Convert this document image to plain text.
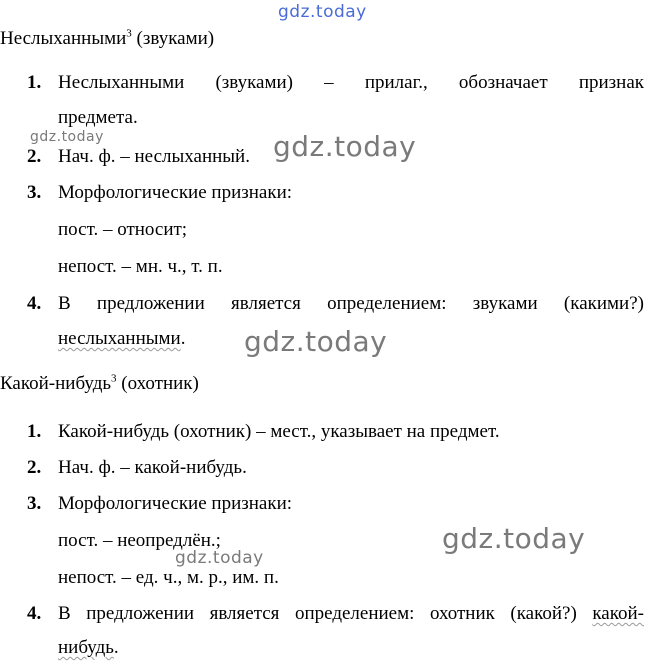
gdz.today
gdz.today	gdz.today
gdz.today
gdz.today
gdz.today
Неслыханными$^3$ (звуками)
1. Неслыханными (звуками) – прилаг., обозначает признак
предмета.
2. Нач. ф. – неслыханный.
3. Морфологические признаки:
пост. – относит;
непост. – мн. ч., т. п.
4. В предложении является определением: звуками (какими?)
неслыханными.
Какой-нибудь$^3$ (охотник)
1. Какой-нибудь (охотник) – мест., указывает на предмет.
2. Нач. ф. – какой-нибудь.
3. Морфологические признаки:
пост. – неопредлён.;
непост. – ед. ч., м. р., им. п.
4. В предложении является определением: охотник (какой?) какой-
нибудь.
